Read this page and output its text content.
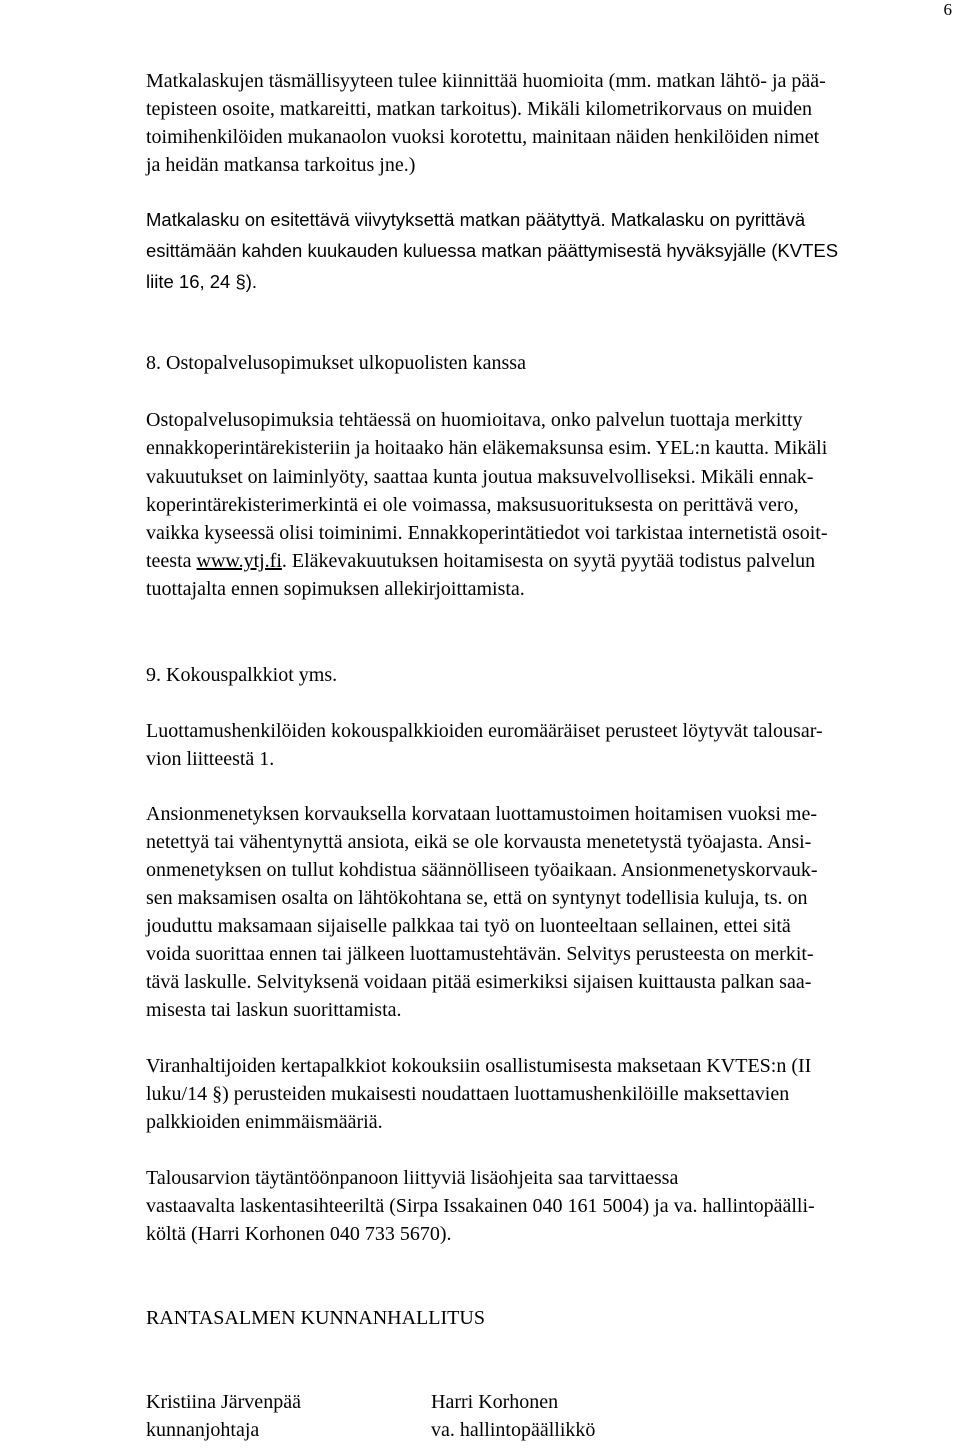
6
Matkalaskujen täsmällisyyteen tulee kiinnittää huomioita (mm. matkan lähtö- ja pää-
tepisteen osoite, matkareitti, matkan tarkoitus). Mikäli kilometrikorvaus on muiden
toimihenkilöiden mukanaolon vuoksi korotettu, mainitaan näiden henkilöiden nimet
ja heidän matkansa tarkoitus jne.)
Matkalasku on esitettävä viivytyksettä matkan päätyttyä. Matkalasku on pyrittävä
esittämään kahden kuukauden kuluessa matkan päättymisestä hyväksyjälle (KVTES
liite 16, 24 §).
8. Ostopalvelusopimukset ulkopuolisten kanssa
Ostopalvelusopimuksia tehtäessä on huomioitava, onko palvelun tuottaja merkitty
ennakkoperintärekisteriin ja hoitaako hän eläkemaksunsa esim. YEL:n kautta. Mikäli
vakuutukset on laiminlyöty, saattaa kunta joutua maksuvelvolliseksi. Mikäli ennak-
koperintärekisterimerkintä ei ole voimassa, maksusuorituksesta on perittävä vero,
vaikka kyseessä olisi toiminimi. Ennakkoperintätiedot voi tarkistaa internetistä osoit-
teesta www.ytj.fi. Eläkevakuutuksen hoitamisesta on syytä pyytää todistus palvelun
tuottajalta ennen sopimuksen allekirjoittamista.
9. Kokouspalkkiot yms.
Luottamushenkilöiden kokouspalkkioiden euromääräiset perusteet löytyvät talousar-
vion liitteestä 1.
Ansionmenetyksen korvauksella korvataan luottamustoimen hoitamisen vuoksi me-
netettyä tai vähentynyttä ansiota, eikä se ole korvausta menetetystä työajasta. Ansi-
onmenetyksen on tullut kohdistua säännölliseen työaikaan. Ansionmenetyskorvauk-
sen maksamisen osalta on lähtökohtana se, että on syntynyt todellisia kuluja, ts. on
jouduttu maksamaan sijaiselle palkkaa tai työ on luonteeltaan sellainen, ettei sitä
voida suorittaa ennen tai jälkeen luottamustehtävän. Selvitys perusteesta on merkit-
tävä laskulle. Selvityksenä voidaan pitää esimerkiksi sijaisen kuittausta palkan saa-
misesta tai laskun suorittamista.
Viranhaltijoiden kertapalkkiot kokouksiin osallistumisesta maksetaan KVTES:n (II
luku/14 §) perusteiden mukaisesti noudattaen luottamushenkilöille maksettavien
palkkioiden enimmäismääriä.
Talousarvion täytäntöönpanoon liittyviä lisäohjeita saa tarvittaessa
vastaavalta laskentasihteeriltä (Sirpa Issakainen 040 161 5004) ja va. hallintopäälli-
költä (Harri Korhonen 040 733 5670).
RANTASALMEN KUNNANHALLITUS
Kristiina Järvenpää
kunnanjohtaja
Harri Korhonen
va. hallintopäällikkö
